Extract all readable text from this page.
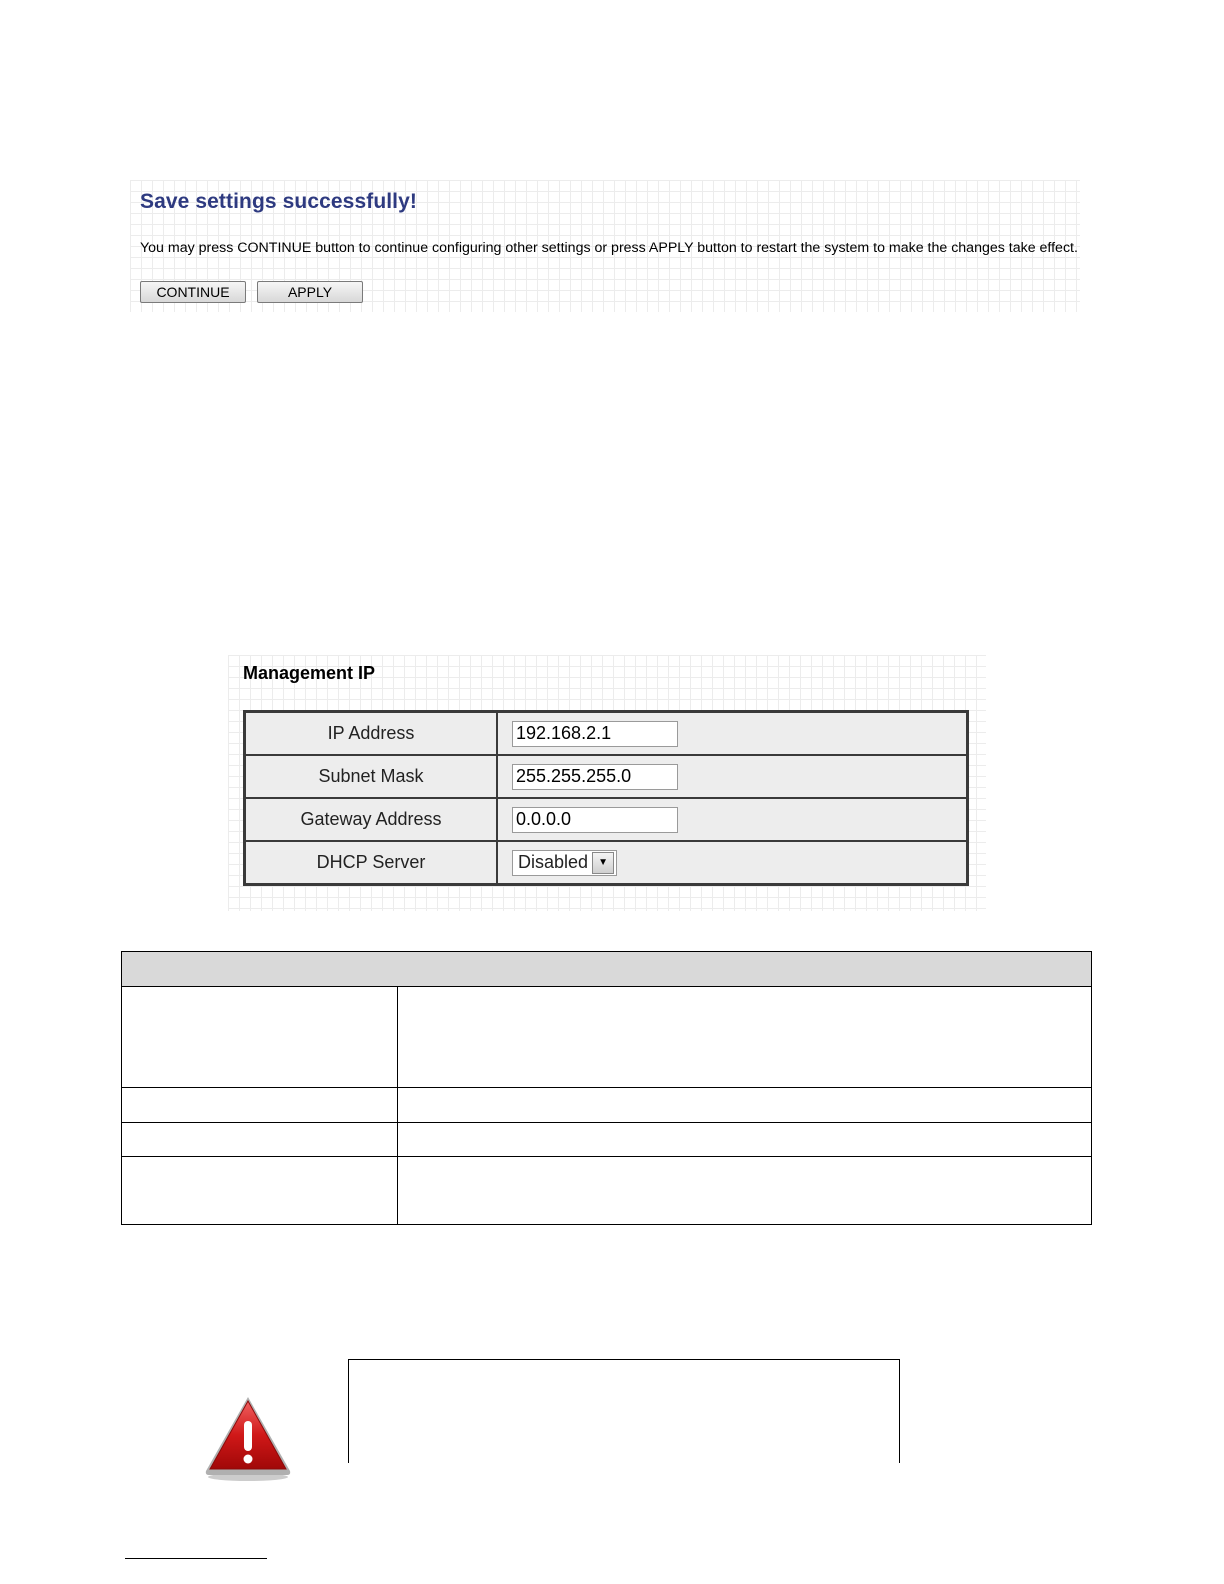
Save settings successfully!
You may press CONTINUE button to continue configuring other settings or press APPLY button to restart the system to make the changes take effect.
CONTINUE	APPLY
Management IP
IP Address	192.168.2.1
Subnet Mask	255.255.255.0
Gateway Address	0.0.0.0
DHCP Server	Disabled ▼
